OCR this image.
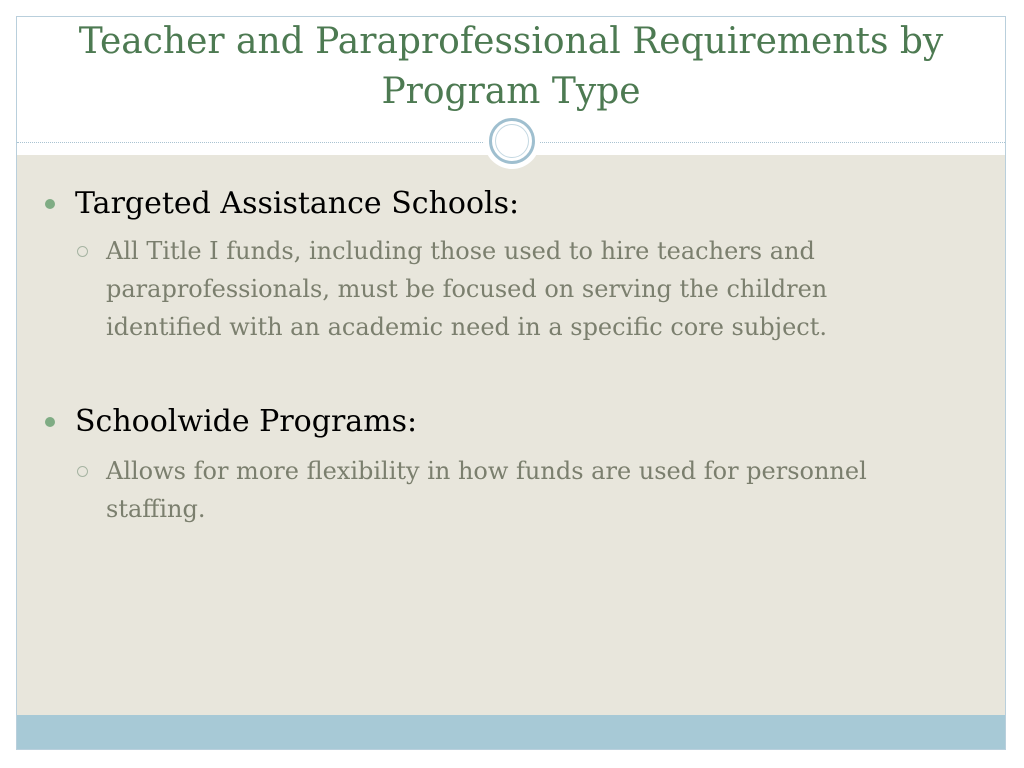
Teacher and Paraprofessional Requirements by
Program Type
Targeted Assistance Schools:
All Title I funds, including those used to hire teachers and
paraprofessionals, must be focused on serving the children
identified with an academic need in a specific core subject.
Schoolwide Programs:
Allows for more flexibility in how funds are used for personnel
staffing.
